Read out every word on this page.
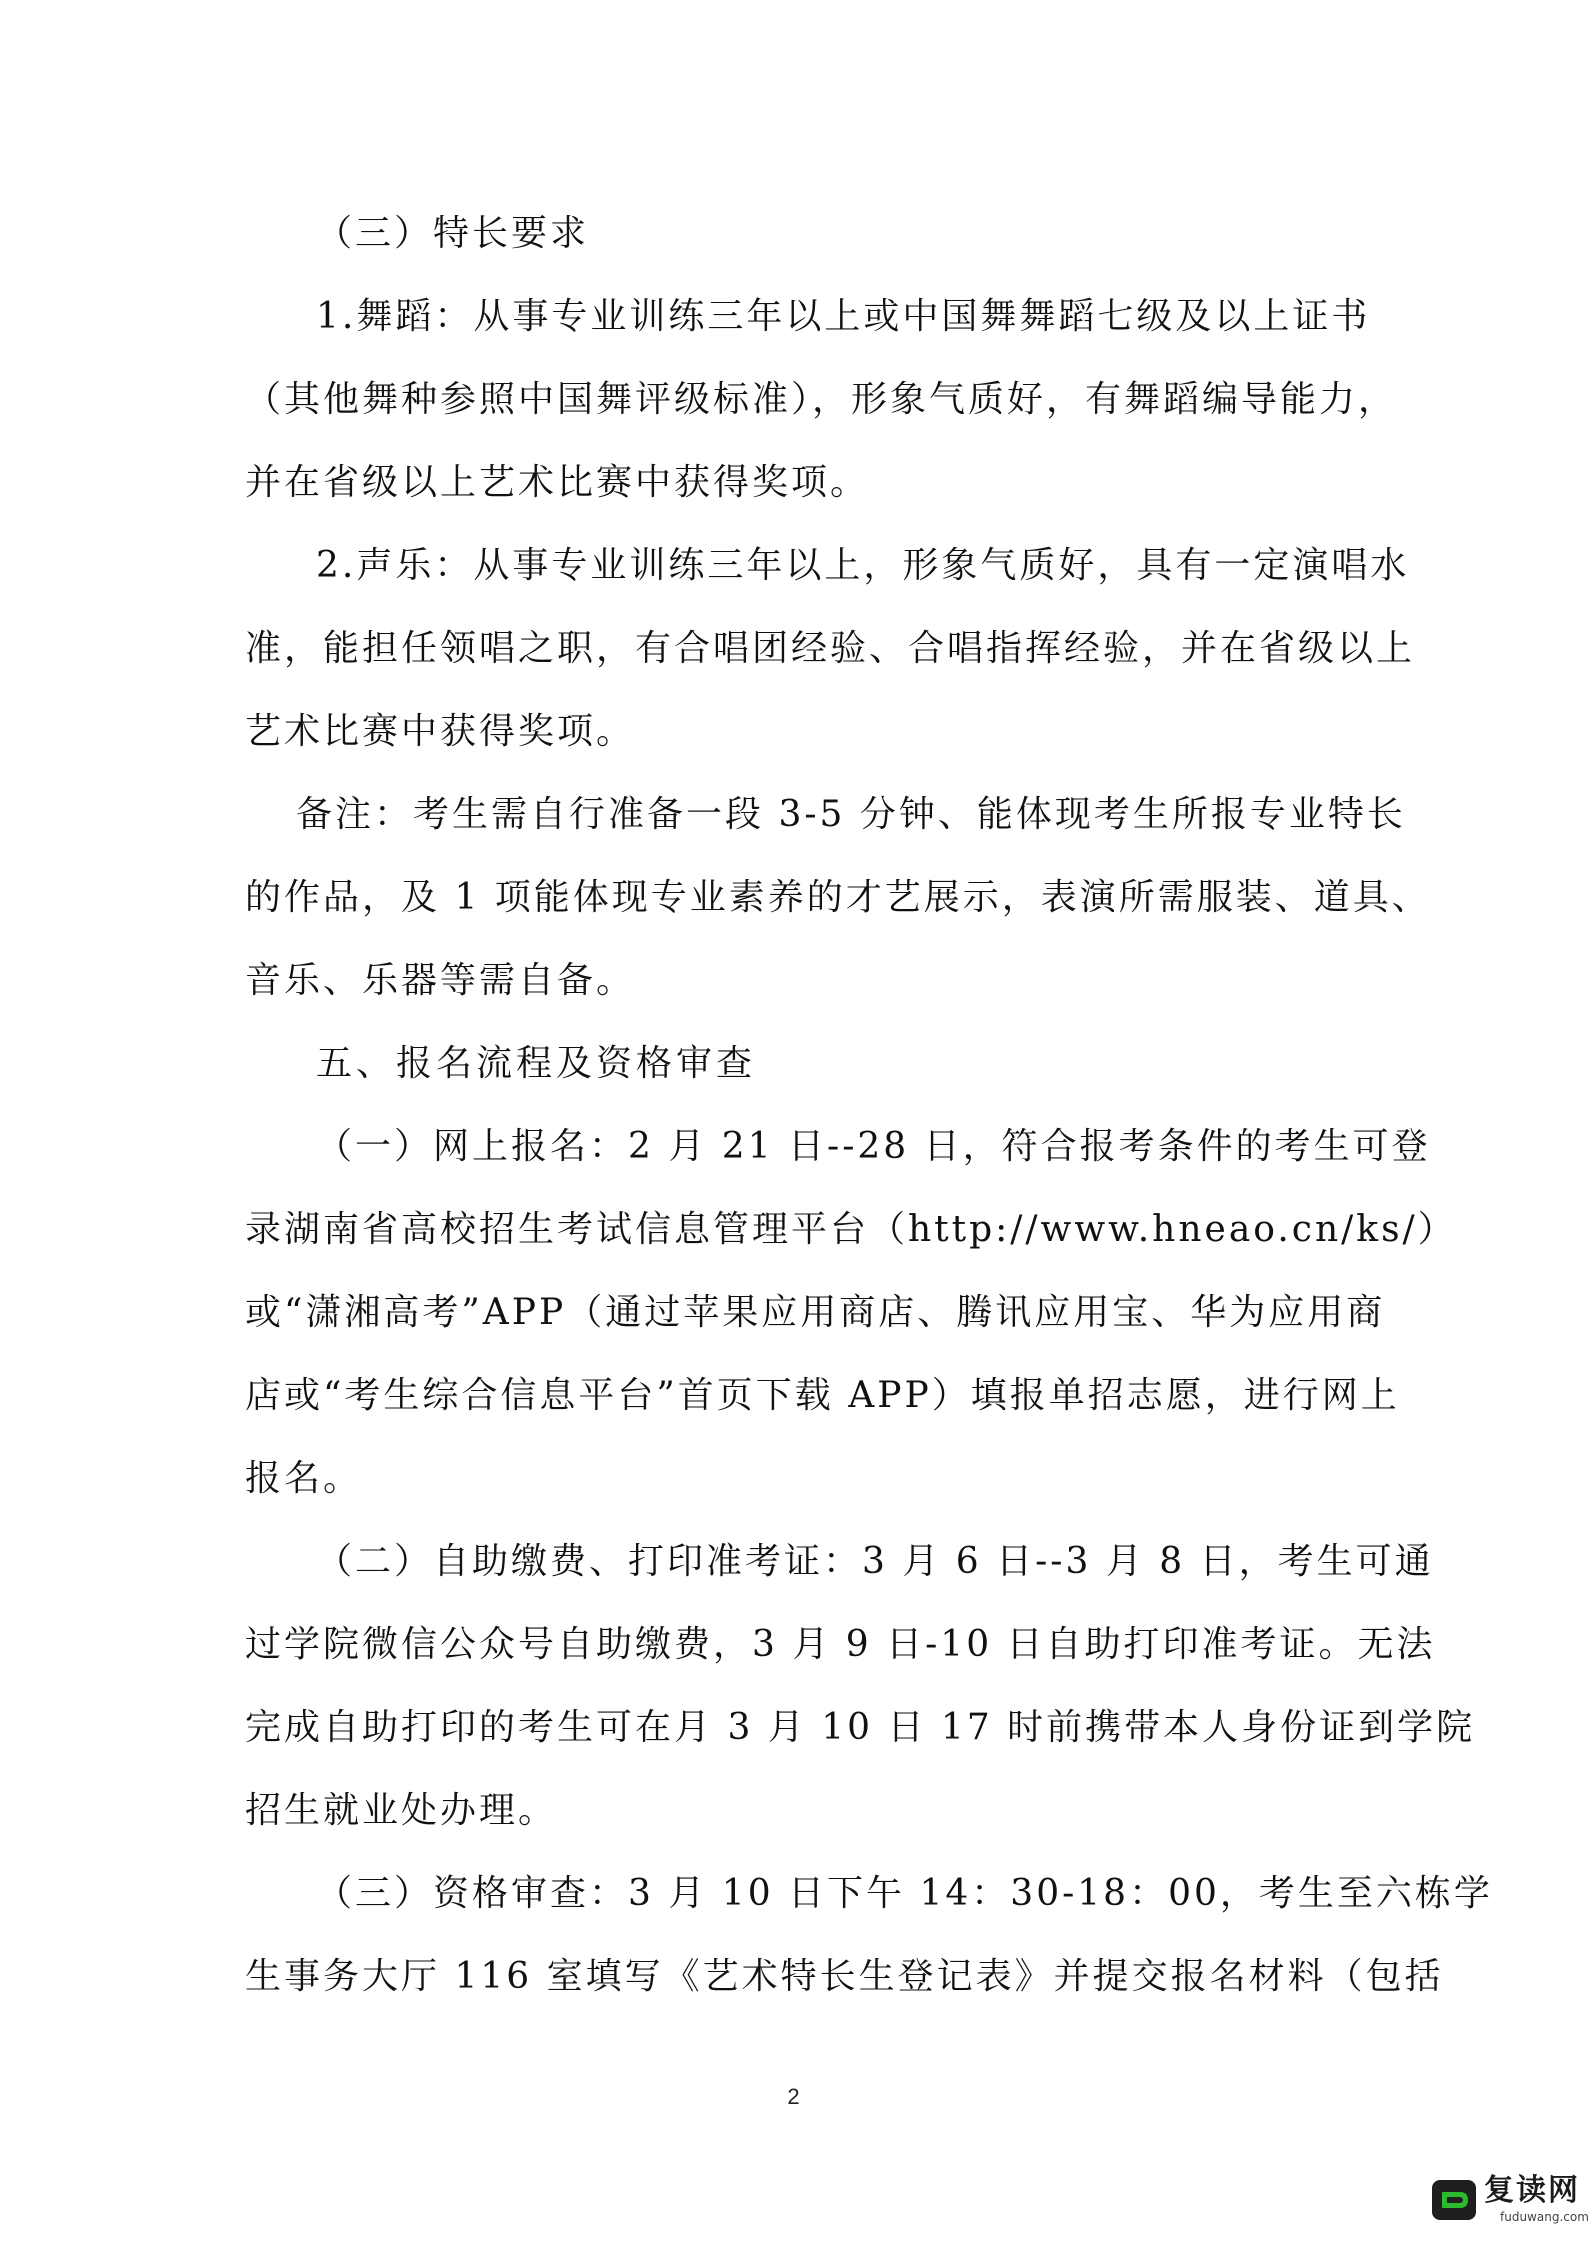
（三）特长要求
1.舞蹈：从事专业训练三年以上或中国舞舞蹈七级及以上证书
（其他舞种参照中国舞评级标准），形象气质好，有舞蹈编导能力，
并在省级以上艺术比赛中获得奖项。
2.声乐：从事专业训练三年以上，形象气质好，具有一定演唱水
准，能担任领唱之职，有合唱团经验、合唱指挥经验，并在省级以上
艺术比赛中获得奖项。
备注：考生需自行准备一段 3-5 分钟、能体现考生所报专业特长
的作品，及 1 项能体现专业素养的才艺展示，表演所需服装、道具、
音乐、乐器等需自备。
五、报名流程及资格审查
（一）网上报名：2 月 21 日--28 日，符合报考条件的考生可登
录湖南省高校招生考试信息管理平台（http://www.hneao.cn/ks/）
或“潇湘高考”APP（通过苹果应用商店、腾讯应用宝、华为应用商
店或“考生综合信息平台”首页下载 APP）填报单招志愿，进行网上
报名。
（二）自助缴费、打印准考证：3 月 6 日--3 月 8 日，考生可通
过学院微信公众号自助缴费，3 月 9 日-10 日自助打印准考证。无法
完成自助打印的考生可在月 3 月 10 日 17 时前携带本人身份证到学院
招生就业处办理。
（三）资格审查：3 月 10 日下午 14：30-18：00，考生至六栋学
生事务大厅 116 室填写《艺术特长生登记表》并提交报名材料（包括
2
复读网
fuduwang.com
